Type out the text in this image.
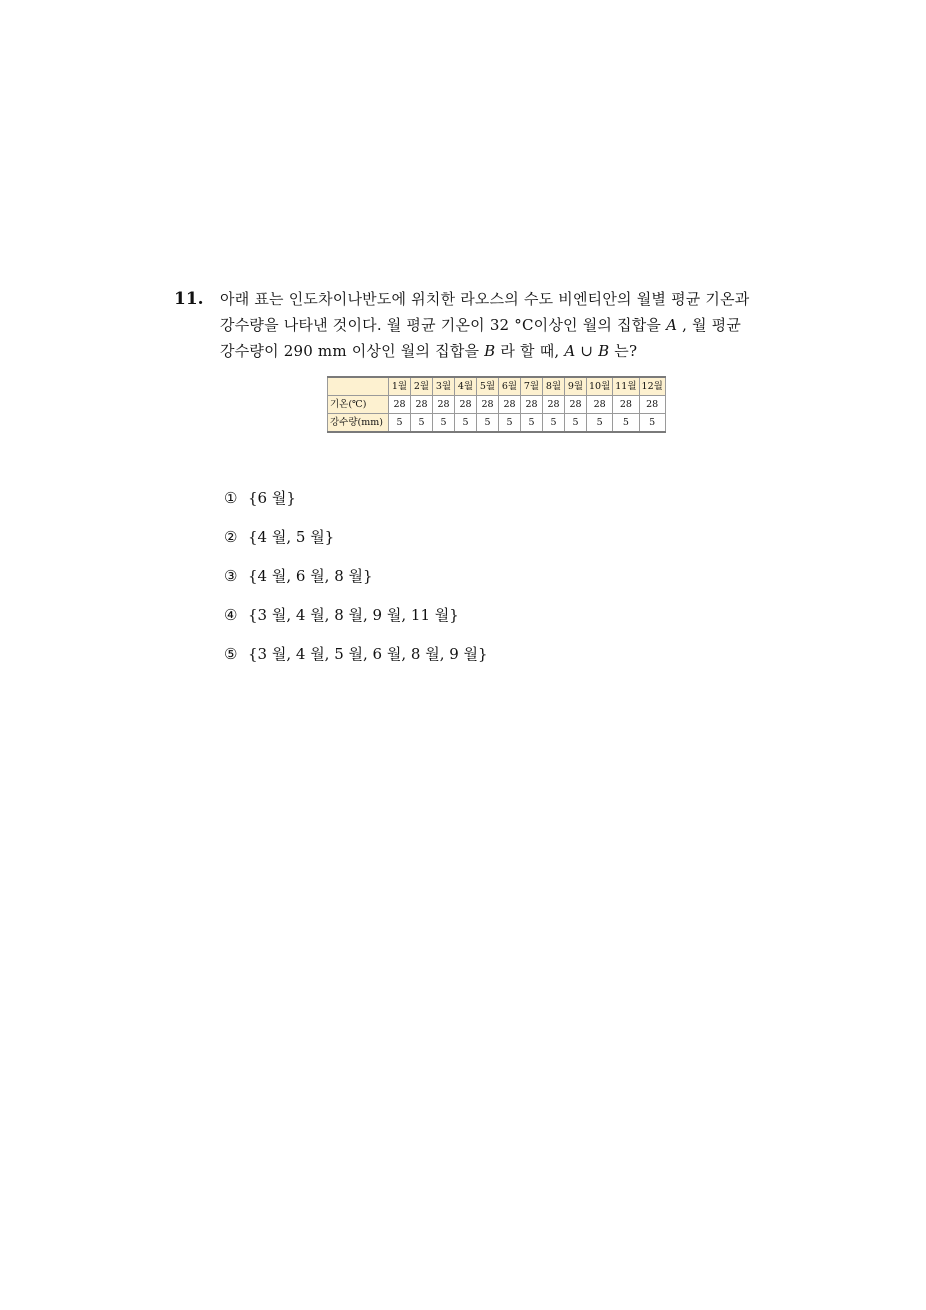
11. 아래 표는 인도차이나반도에 위치한 라오스의 수도 비엔티안의 월별 평균 기온과
강수량을 나타낸 것이다. 월 평균 기온이 32 °C이상인 월의 집합을 A , 월 평균
강수량이 290 mm 이상인 월의 집합을 B 라 할 때, A ∪ B 는?
	1월	2월	3월	4월	5월	6월	7월	8월	9월	10월	11월	12월
기온(℃)	28	28	28	28	28	28	28	28	28	28	28	28
강수량(mm)	5	5	5	5	5	5	5	5	5	5	5	5
① {6 월}
② {4 월, 5 월}
③ {4 월, 6 월, 8 월}
④ {3 월, 4 월, 8 월, 9 월, 11 월}
⑤ {3 월, 4 월, 5 월, 6 월, 8 월, 9 월}
